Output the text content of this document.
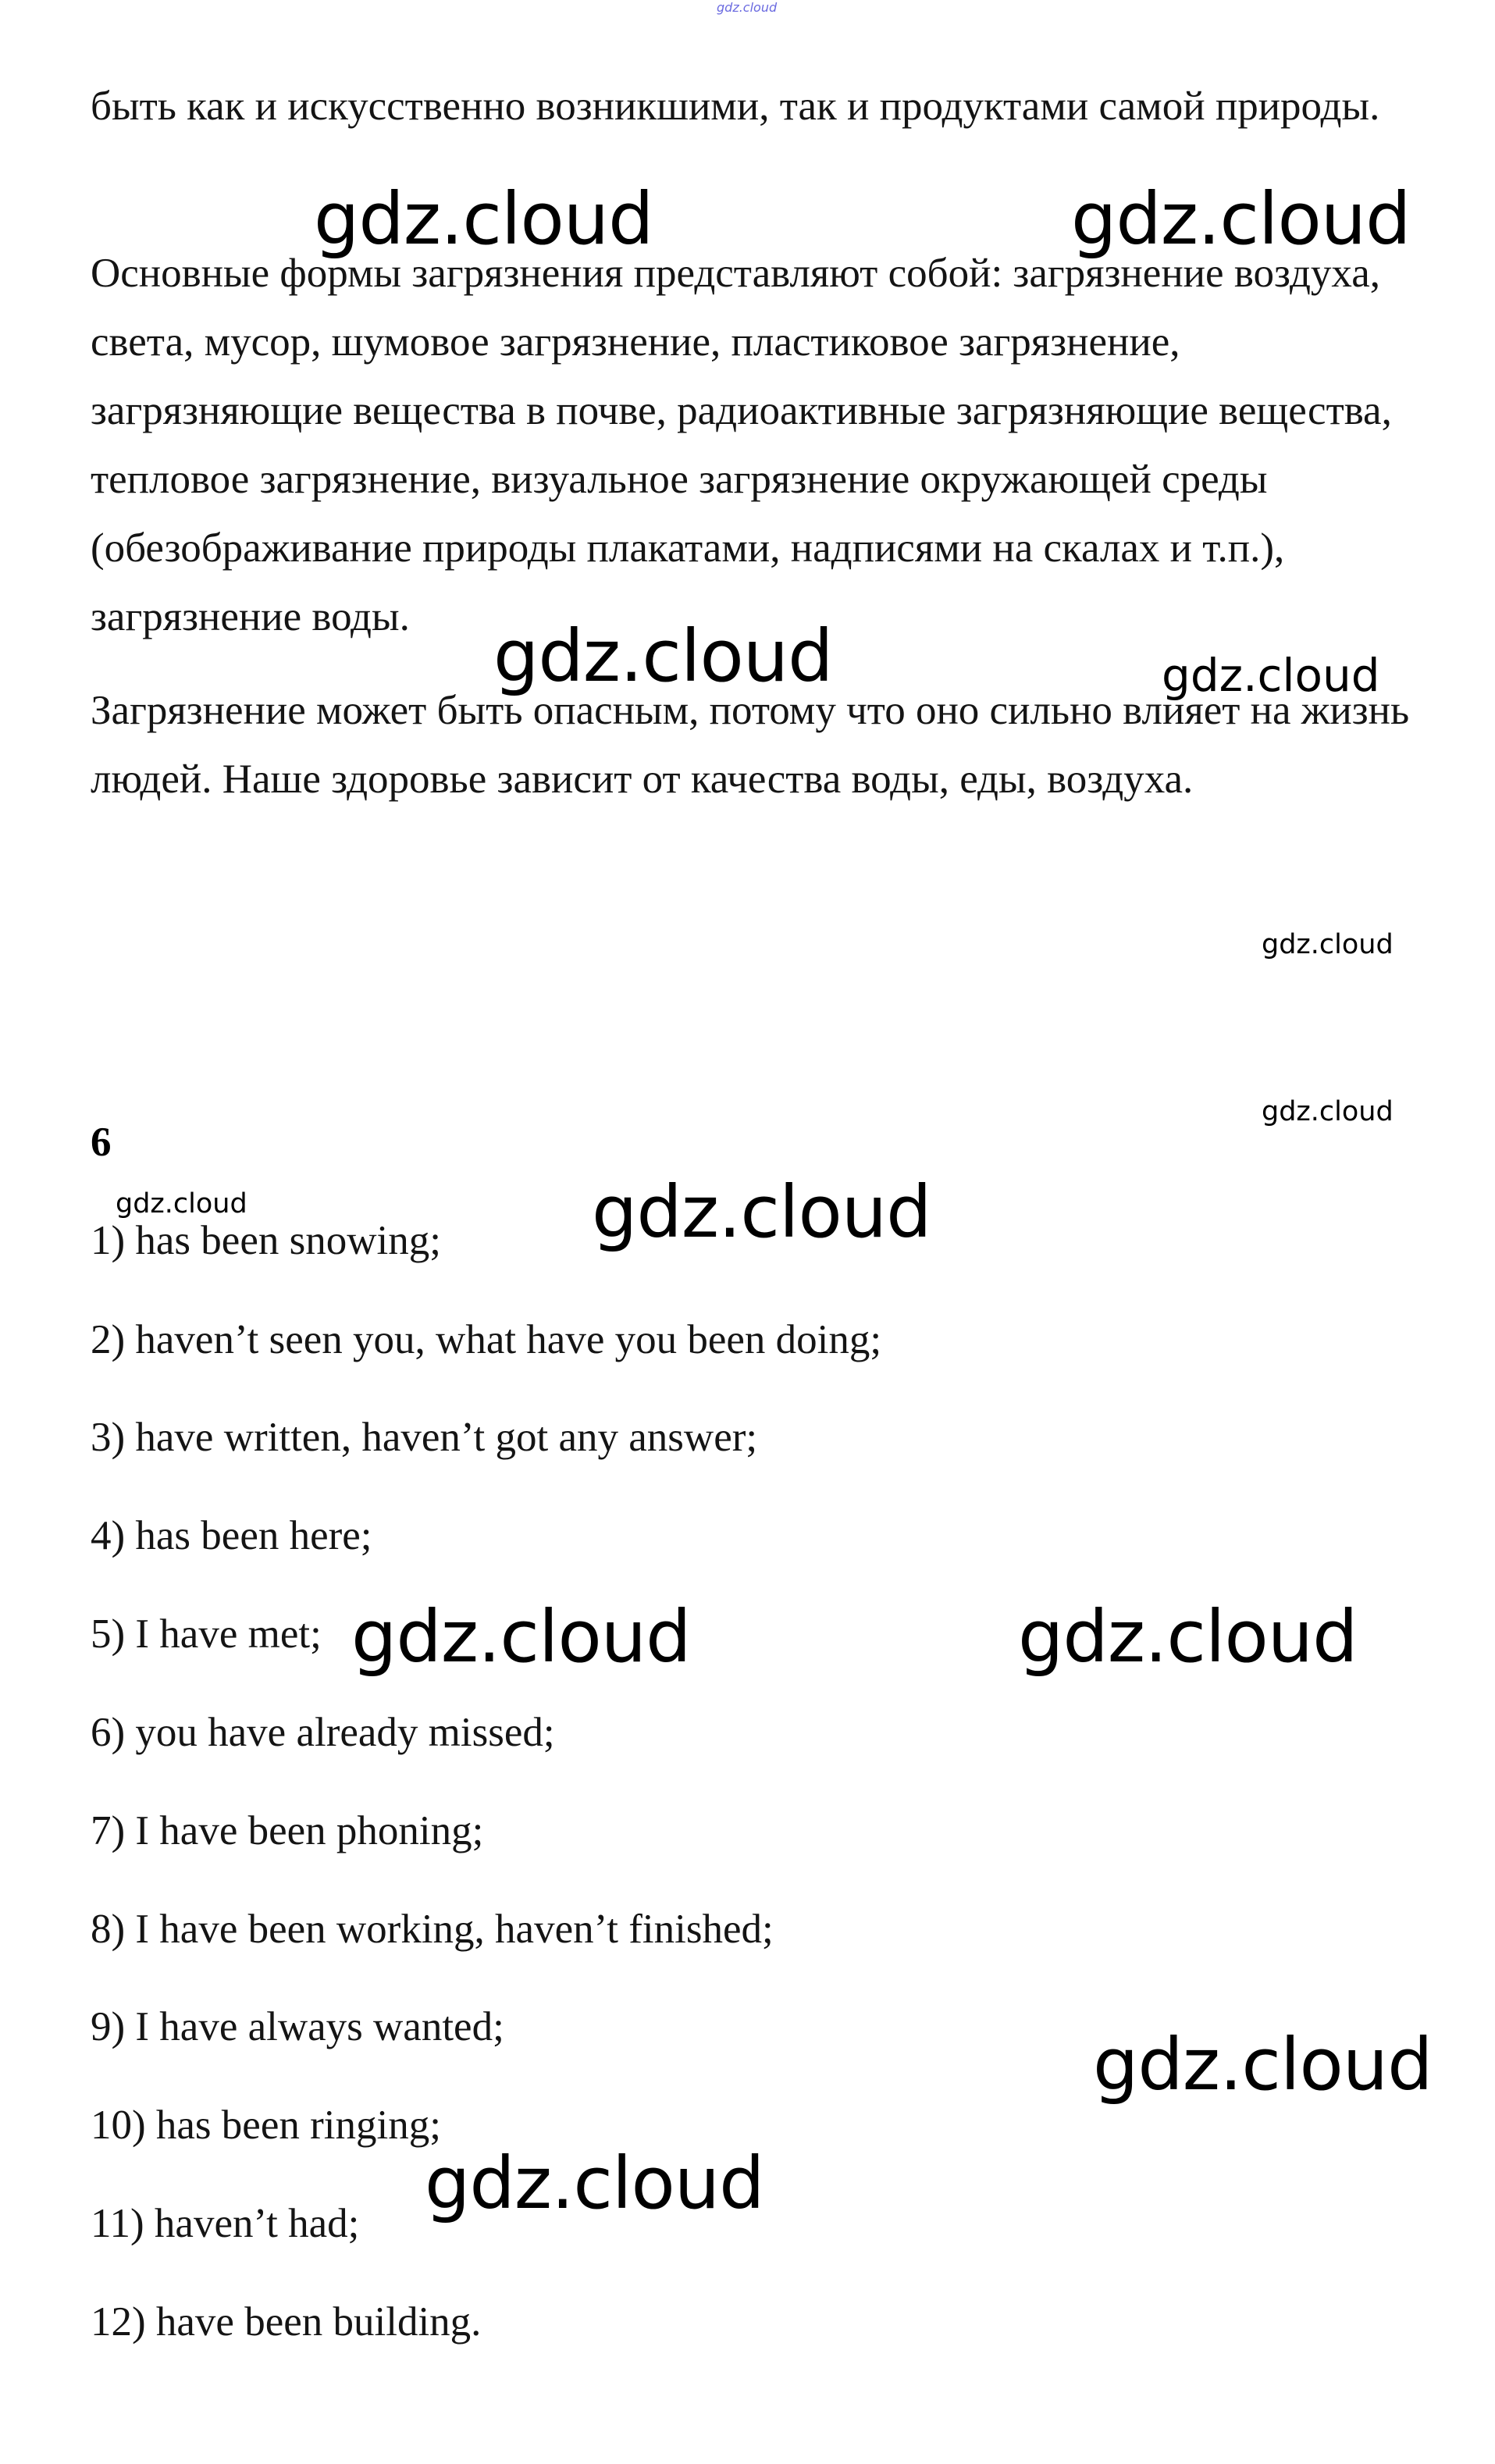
gdz.cloud

быть как и искусственно возникшими, так и продуктами самой природы.

Основные формы загрязнения представляют собой: загрязнение воздуха, света, мусор, шумовое загрязнение, пластиковое загрязнение, загрязняющие вещества в почве, радиоактивные загрязняющие вещества, тепловое загрязнение, визуальное загрязнение окружающей среды (обезображивание природы плакатами, надписями на скалах и т.п.), загрязнение воды.

Загрязнение может быть опасным, потому что оно сильно влияет на жизнь людей. Наше здоровье зависит от качества воды, еды, воздуха.

6
1) has been snowing;
2) haven’t seen you, what have you been doing;
3) have written, haven’t got any answer;
4) has been here;
5) I have met;
6) you have already missed;
7) I have been phoning;
8) I have been working, haven’t finished;
9) I have always wanted;
10) has been ringing;
11) haven’t had;
12) have been building.
gdz.cloud	gdz.cloud
gdz.cloud	gdz.cloud
gdz.cloud
gdz.cloud
gdz.cloud	gdz.cloud
gdz.cloud	gdz.cloud
gdz.cloud
gdz.cloud
